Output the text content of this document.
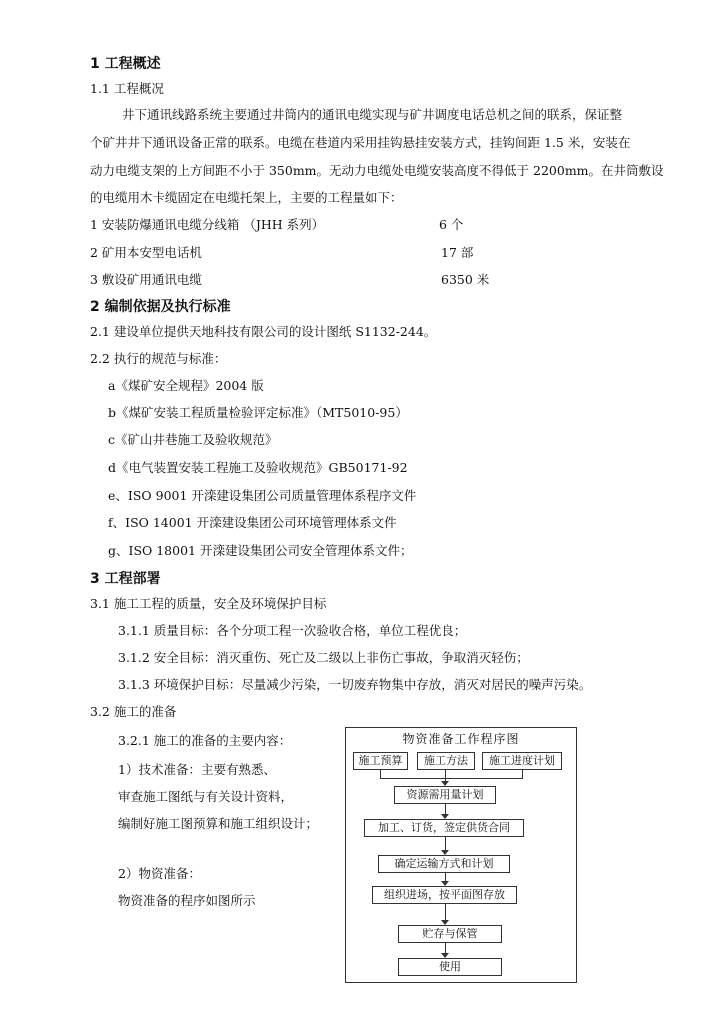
1 工程概述
1.1 工程概况
井下通讯线路系统主要通过井筒内的通讯电缆实现与矿井调度电话总机之间的联系，保证整
个矿井井下通讯设备正常的联系。电缆在巷道内采用挂钩悬挂安装方式，挂钩间距 1.5 米，安装在
动力电缆支架的上方间距不小于 350mm。无动力电缆处电缆安装高度不得低于 2200mm。在井筒敷设
的电缆用木卡缆固定在电缆托架上，主要的工程量如下：
1 安装防爆通讯电缆分线箱 （JHH 系列）	6 个
2 矿用本安型电话机	17 部
3 敷设矿用通讯电缆	6350 米
2 编制依据及执行标准
2.1 建设单位提供天地科技有限公司的设计图纸 S1132-244。
2.2 执行的规范与标准：
a《煤矿安全规程》2004 版
b《煤矿安装工程质量检验评定标准》（MT5010-95）
c《矿山井巷施工及验收规范》
d《电气装置安装工程施工及验收规范》GB50171-92
e、ISO 9001 开滦建设集团公司质量管理体系程序文件
f、ISO 14001 开滦建设集团公司环境管理体系文件
g、ISO 18001 开滦建设集团公司安全管理体系文件；
3 工程部署
3.1 施工工程的质量，安全及环境保护目标
3.1.1 质量目标：各个分项工程一次验收合格，单位工程优良；
3.1.2 安全目标：消灭重伤、死亡及二级以上非伤亡事故，争取消灭轻伤；
3.1.3 环境保护目标：尽量减少污染，一切废弃物集中存放，消灭对居民的噪声污染。
3.2 施工的准备
3.2.1 施工的准备的主要内容：
1）技术准备：主要有熟悉、
审查施工图纸与有关设计资料，
编制好施工图预算和施工组织设计；
2）物资准备：
物资准备的程序如图所示
物资准备工作程序图
施工预算	施工方法	施工进度计划
资源需用量计划
加工、订货，签定供货合同
确定运输方式和计划
组织进场，按平面图存放
贮存与保管
使用
